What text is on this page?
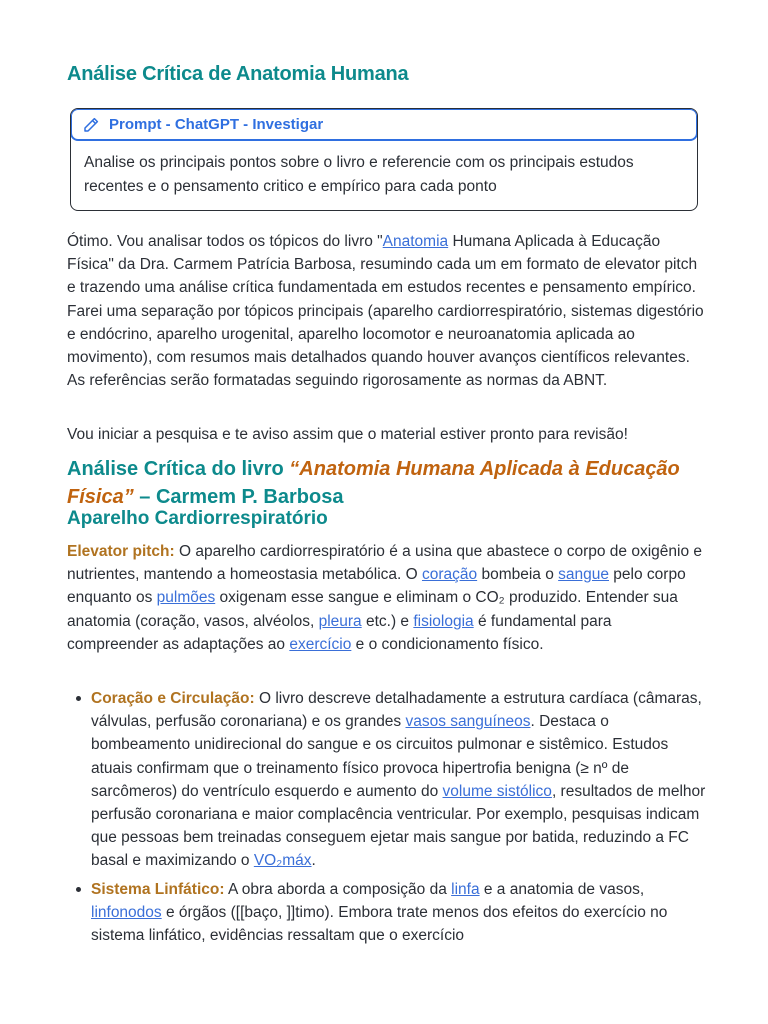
Análise Crítica de Anatomia Humana
Prompt - ChatGPT - Investigar
Analise os principais pontos sobre o livro e referencie com os principais estudos recentes e o pensamento critico e empírico para cada ponto

Ótimo. Vou analisar todos os tópicos do livro "Anatomia Humana Aplicada à Educação Física" da Dra. Carmem Patrícia Barbosa, resumindo cada um em formato de elevator pitch e trazendo uma análise crítica fundamentada em estudos recentes e pensamento empírico. Farei uma separação por tópicos principais (aparelho cardiorrespiratório, sistemas digestório e endócrino, aparelho urogenital, aparelho locomotor e neuroanatomia aplicada ao movimento), com resumos mais detalhados quando houver avanços científicos relevantes. As referências serão formatadas seguindo rigorosamente as normas da ABNT.

Vou iniciar a pesquisa e te aviso assim que o material estiver pronto para revisão!

Análise Crítica do livro “Anatomia Humana Aplicada à Educação Física” – Carmem P. Barbosa
Aparelho Cardiorrespiratório

Elevator pitch: O aparelho cardiorrespiratório é a usina que abastece o corpo de oxigênio e nutrientes, mantendo a homeostasia metabólica. O coração bombeia o sangue pelo corpo enquanto os pulmões oxigenam esse sangue e eliminam o CO₂ produzido. Entender sua anatomia (coração, vasos, alvéolos, pleura etc.) e fisiologia é fundamental para compreender as adaptações ao exercício e o condicionamento físico.

Coração e Circulação: O livro descreve detalhadamente a estrutura cardíaca (câmaras, válvulas, perfusão coronariana) e os grandes vasos sanguíneos. Destaca o bombeamento unidirecional do sangue e os circuitos pulmonar e sistêmico. Estudos atuais confirmam que o treinamento físico provoca hipertrofia benigna (≥ nº de sarcômeros) do ventrículo esquerdo e aumento do volume sistólico, resultados de melhor perfusão coronariana e maior complacência ventricular. Por exemplo, pesquisas indicam que pessoas bem treinadas conseguem ejetar mais sangue por batida, reduzindo a FC basal e maximizando o VO₂máx.
Sistema Linfático: A obra aborda a composição da linfa e a anatomia de vasos, linfonodos e órgãos ([[baço, ]]timo). Embora trate menos dos efeitos do exercício no sistema linfático, evidências ressaltam que o exercício
